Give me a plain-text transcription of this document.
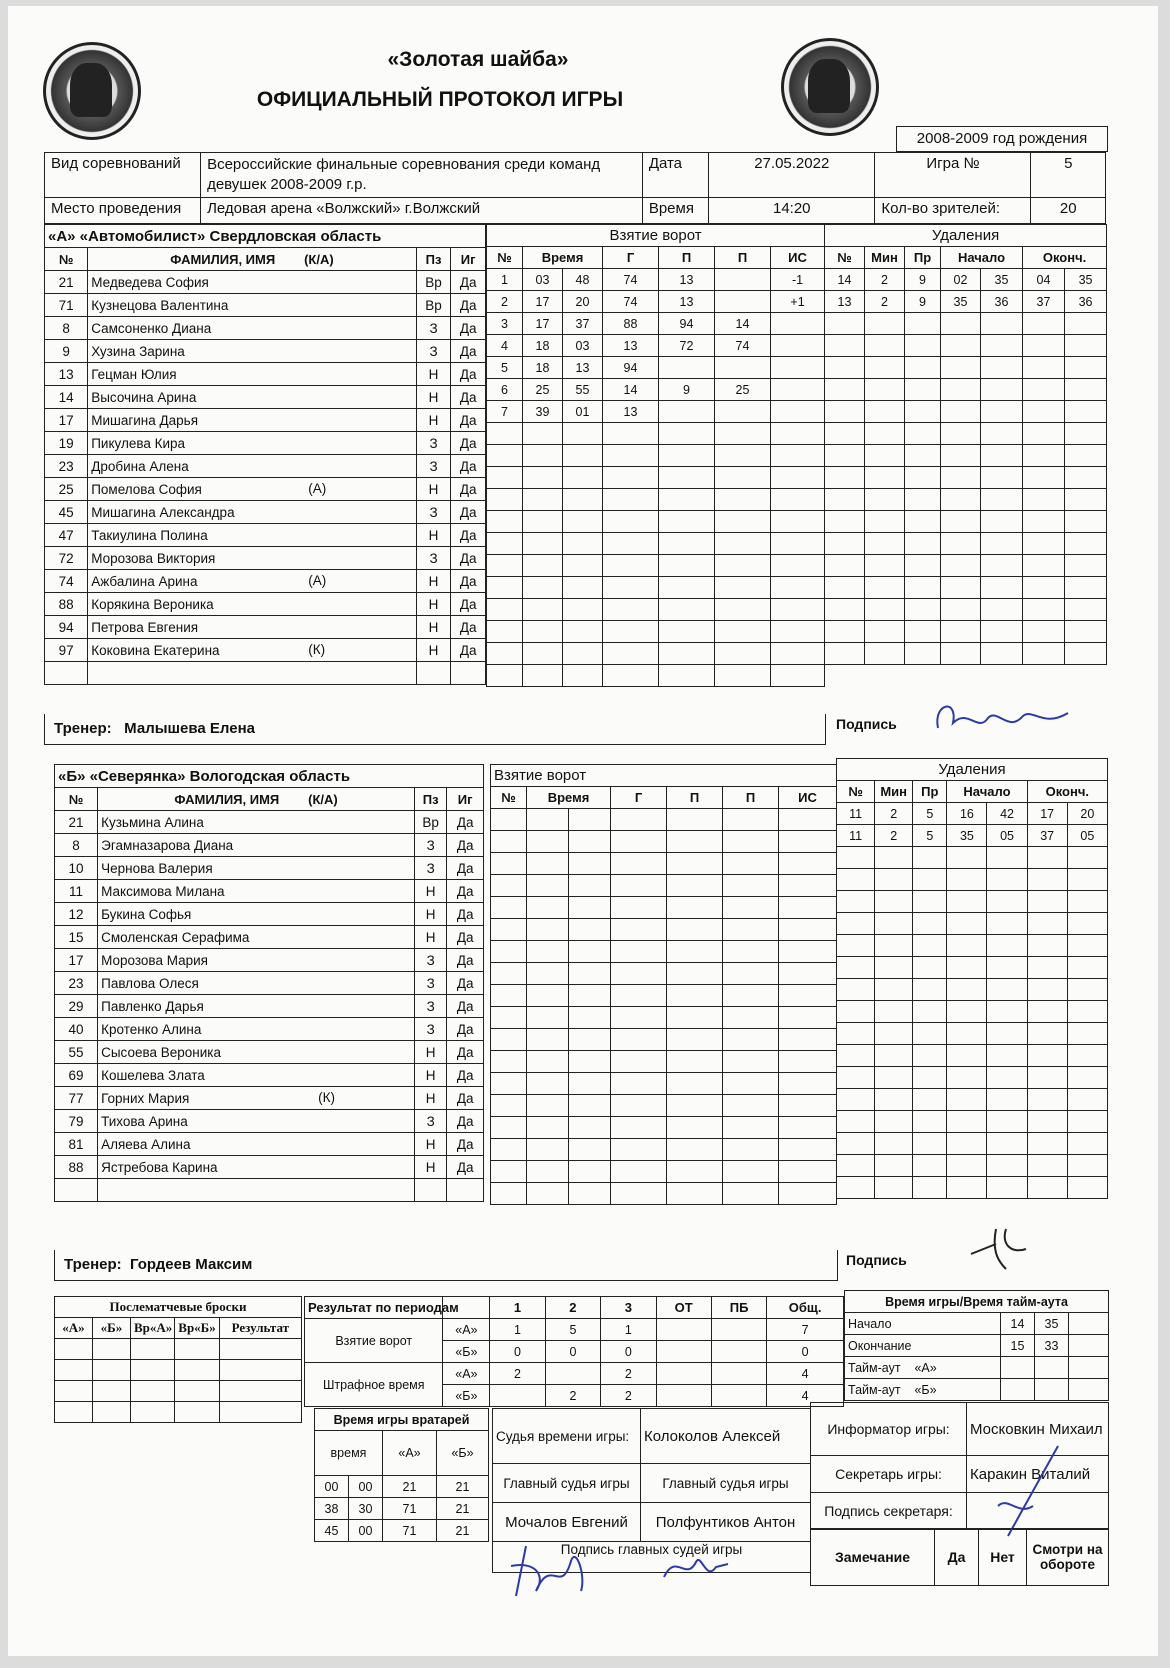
«Золотая шайба»
ОФИЦИАЛЬНЫЙ ПРОТОКОЛ ИГРЫ
2008-2009 год рождения
Вид соревнований	Всероссийские финальные соревнования среди команд девушек 2008-2009 г.р.	Дата	27.05.2022	Игра №	5
Место проведения	Ледовая арена «Волжский» г.Волжский	Время	14:20	Кол-во зрителей:	20
«А» «Автомобилист» Свердловская область			
№	ФАМИЛИЯ, ИМЯ (К/А)	Пз	Иг
21	Медведева София	Вр	Да
71	Кузнецова Валентина	Вр	Да
8	Самсоненко Диана	З	Да
9	Хузина Зарина	З	Да
13	Гецман Юлия	Н	Да
14	Высочина Арина	Н	Да
17	Мишагина Дарья	Н	Да
19	Пикулева Кира	З	Да
23	Дробина Алена	З	Да
25	Помелова София (А)	Н	Да
45	Мишагина Александра	З	Да
47	Такиулина Полина	Н	Да
72	Морозова Виктория	З	Да
74	Ажбалина Арина (А)	Н	Да
88	Корякина Вероника	Н	Да
94	Петрова Евгения	Н	Да
97	Коковина Екатерина (К)	Н	Да

Взятие ворот						
№	Время		Г	П	П	ИС
1	03	48	74	13		-1
2	17	20	74	13		+1
3	17	37	88	94	14	
4	18	03	13	72	74	
5	18	13	94			
6	25	55	14	9	25	
7	39	01	13			

Удаления						
№	Мин	Пр	Начало		Оконч.	
14	2	9	02	35	04	35
13	2	9	35	36	37	36

Тренер: Малышева Елена	Подпись
«Б» «Северянка» Вологодская область			
№	ФАМИЛИЯ, ИМЯ (К/А)	Пз	Иг
21	Кузьмина Алина	Вр	Да
8	Эгамназарова Диана	З	Да
10	Чернова Валерия	З	Да
11	Максимова Милана	Н	Да
12	Букина Софья	Н	Да
15	Смоленская Серафима	Н	Да
17	Морозова Мария	З	Да
23	Павлова Олеся	З	Да
29	Павленко Дарья	З	Да
40	Кротенко Алина	З	Да
55	Сысоева Вероника	Н	Да
69	Кошелева Злата	Н	Да
77	Горних Мария (К)	Н	Да
79	Тихова Арина	З	Да
81	Аляева Алина	Н	Да
88	Ястребова Карина	Н	Да

Взятие ворот						
№	Время		Г	П	П	ИС

Удаления						
№	Мин	Пр	Начало		Оконч.	
11	2	5	16	42	17	20
11	2	5	35	05	37	05

Тренер: Гордеев Максим	Подпись
Послематчевые броски				
«А»	«Б»	Вр«А»	Вр«Б»	Результат

Результат по периодам		1	2	3	ОТ	ПБ	Общ.
Взятие ворот	«А»	1	5	1			7
	«Б»	0	0	0			0
Штрафное время	«А»	2		2			4
	«Б»		2	2			4
Время игры/Время тайм-аута			
Начало	14	35	
Окончание	15	33	
Тайм-аут «А»			
Тайм-аут «Б»			
Время игры вратарей			
время		«А»	«Б»
00	00	21	21
38	30	71	21
45	00	71	21
Судья времени игры:	Колоколов Алексей
Главный судья игры	Главный судья игры
Мочалов Евгений	Полфунтиков Антон
Подпись главных судей игры	
Информатор игры:	Московкин Михаил
Секретарь игры:	Каракин Виталий
Подпись секретаря:	
Замечание	Да	Нет	Смотри на обороте
